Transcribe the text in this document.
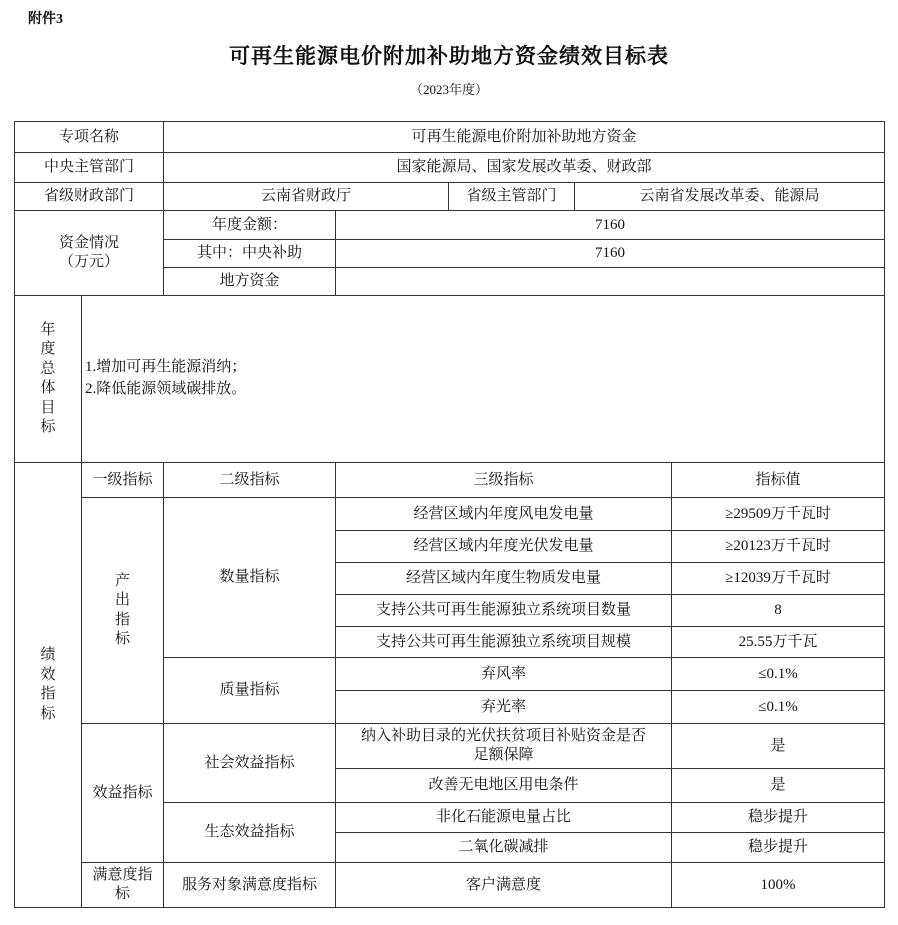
附件3
可再生能源电价附加补助地方资金绩效目标表
（2023年度）
专项名称		可再生能源电价附加补助地方资金				
中央主管部门		国家能源局、国家发展改革委、财政部				
省级财政部门		云南省财政厅		省级主管部门	云南省发展改革委、能源局	

资金情况
（万元）		年度金额：	7160			
		其中：中央补助	7160			
		地方资金				

年度总体目标	1.增加可再生能源消纳；
2.降低能源领域碳排放。					

绩效指标	一级指标	二级指标	三级指标			指标值

	产出指标	数量指标	经营区域内年度风电发电量			≥29509万千瓦时
			经营区域内年度光伏发电量			≥20123万千瓦时
			经营区域内年度生物质发电量			≥12039万千瓦时
			支持公共可再生能源独立系统项目数量			8
			支持公共可再生能源独立系统项目规模			25.55万千瓦
		质量指标	弃风率			≤0.1%
			弃光率			≤0.1%
	效益指标	社会效益指标	纳入补助目录的光伏扶贫项目补贴资金是否足额保障			是
			改善无电地区用电条件			是
		生态效益指标	非化石能源电量占比			稳步提升
			二氧化碳减排			稳步提升

	满意度指标	服务对象满意度指标	客户满意度			100%
